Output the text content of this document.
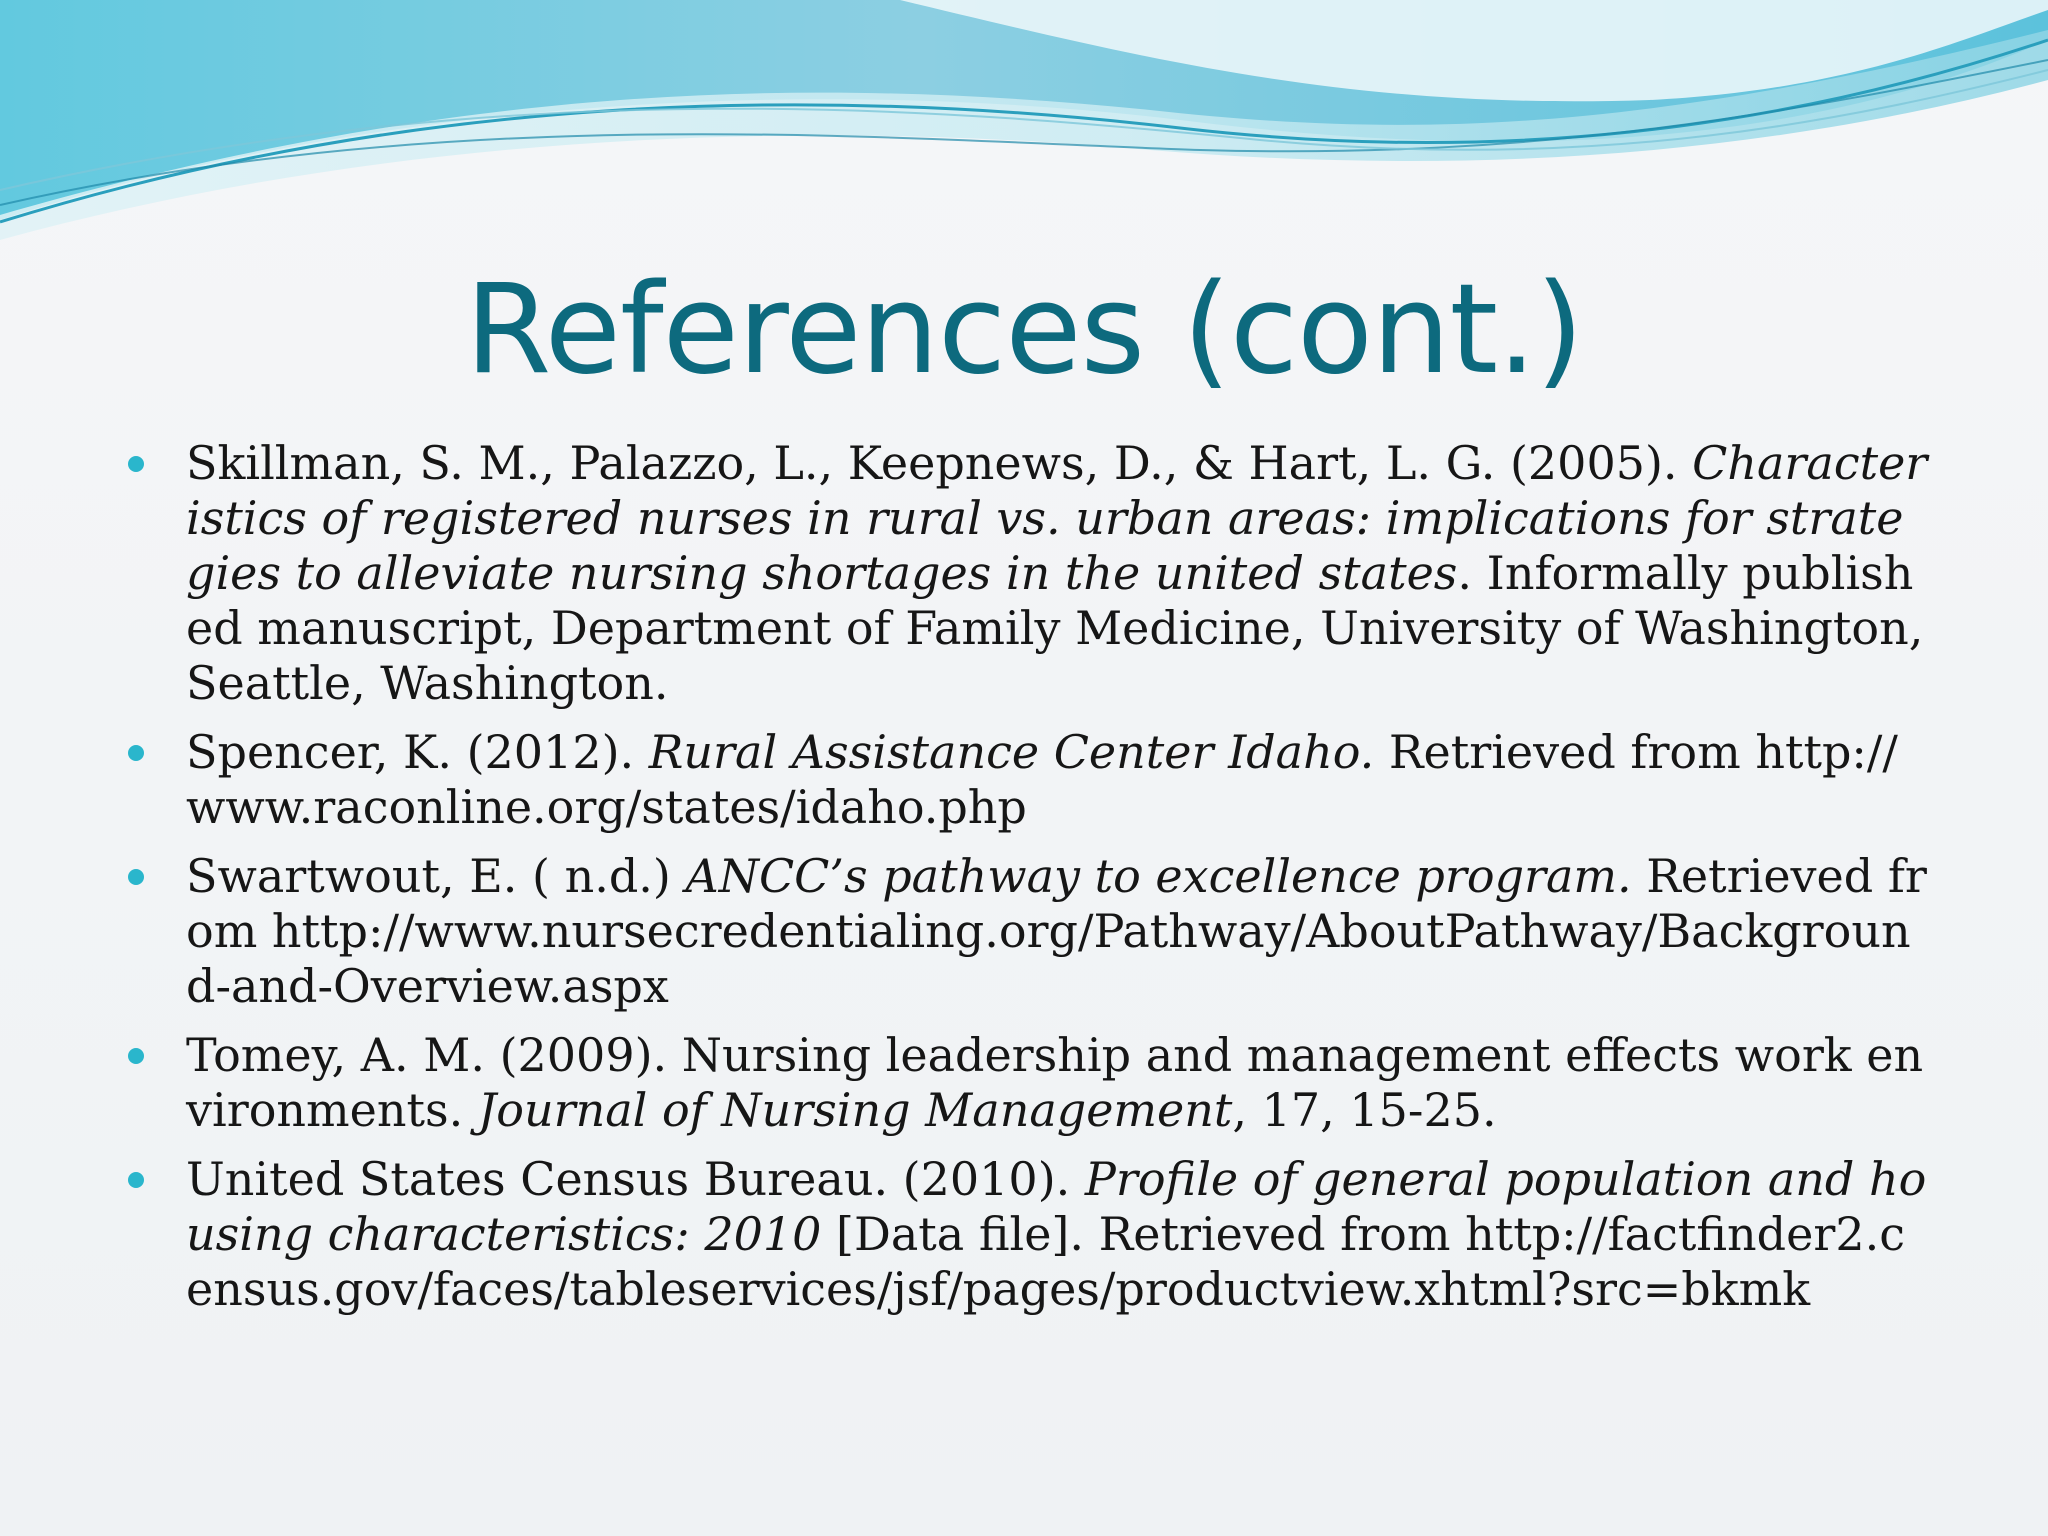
References (cont.)
Skillman, S. M., Palazzo, L., Keepnews, D., & Hart, L. G. (2005). Characteristics of registered nurses in rural vs. urban areas: implications for strategies to alleviate nursing shortages in the united states. Informally published manuscript, Department of Family Medicine, University of Washington, Seattle, Washington.
Spencer, K. (2012). Rural Assistance Center Idaho. Retrieved from http://www.raconline.org/states/idaho.php
Swartwout, E. ( n.d.) ANCC’s pathway to excellence program. Retrieved from http://www.nursecredentialing.org/Pathway/AboutPathway/Background-and-Overview.aspx
Tomey, A. M. (2009). Nursing leadership and management effects work environments. Journal of Nursing Management, 17, 15-25.
United States Census Bureau. (2010). Profile of general population and housing characteristics: 2010 [Data file]. Retrieved from http://factfinder2.census.gov/faces/tableservices/jsf/pages/productview.xhtml?src=bkmk
